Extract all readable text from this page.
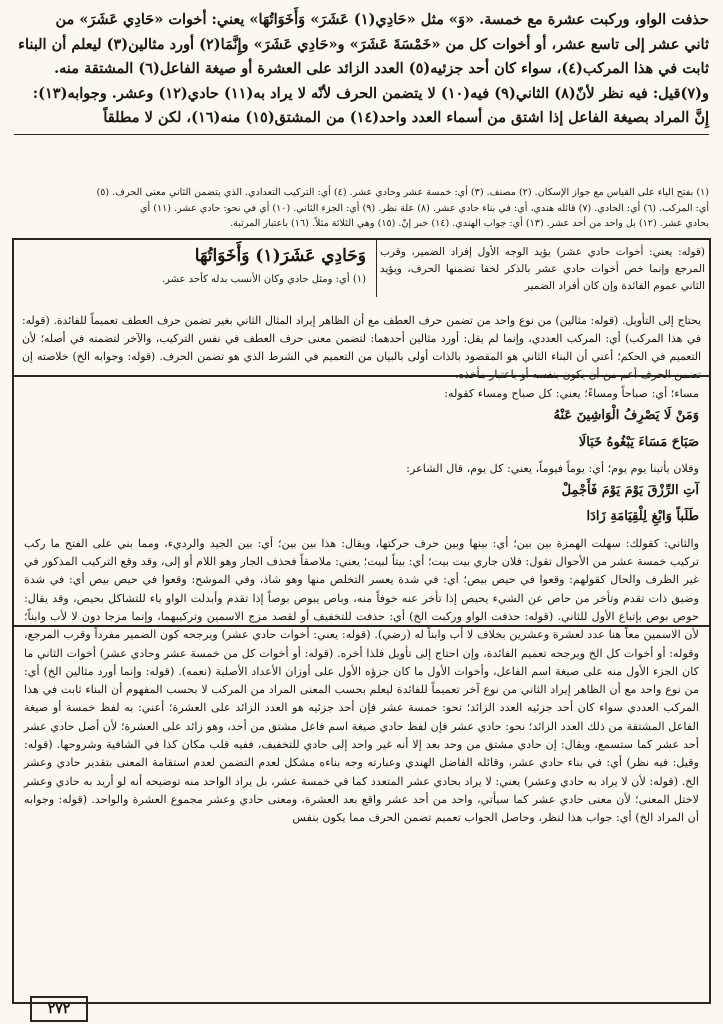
حذفت الواو، وركبت عشرة مع خمسة. «وَ» مثل «حَادِي(١) عَشَرَ» وَأَخَوَاتُهَا» يعني: أخوات «حَادِي عَشَرَ» من
ثاني عشر إلى تاسع عشر، أو أخوات كل من «خَمْسَةَ عَشَرَ» و«حَادِي عَشَرَ» وإِنَّمَا(٢) أورد مثالين(٣) ليعلم أن البناء
ثابت في هذا المركب(٤)، سواء كان أحد جزئيه(٥) العدد الزائد على العشرة أو صيغة الفاعل(٦) المشتقة منه.
و(٧)قيل: فيه نظر لأنّ(٨) الثاني(٩) فيه(١٠) لا يتضمن الحرف لأنّه لا يراد به(١١) حادي(١٢) وعشر. وجوابه(١٣):
إِنَّ المراد بصيغة الفاعل إذا اشتق من أسماء العدد واحد(١٤) من المشتق(١٥) منه(١٦)، لكن لا مطلقاً
(١) بفتح الياء على القياس مع جواز الإسكان. (٢) مصنف. (٣) أي: خمسة عشر وحادي عشر. (٤) أي: التركيب التعدادي. الذي يتضمن الثاني معنى الحرف. (٥)
أي: المركب. (٦) أي: الحادي. (٧) قائله هندي، أي: في بناء حادي عشر. (٨) علة نظر. (٩) أي: الجزء الثاني. (١٠) أي في نحو: حادي عشر. (١١) أي
بحادي عشر. (١٢) بل واحد من أحد عشر. (١٣) أي: جواب الهندي. (١٤) خبر إنّ. (١٥) وهي الثلاثة مثلاً. (١٦) باعتبار المرتبة.
وَحَادِي عَشَرَ(١) وَأَخَوَاتُهَا
(١) أي: ومثل حادي وكان الأنسب بدله كأحد عشر.
(قوله: يعني: أخوات حادي عشر) يؤيد الوجه الأول إفراد الضمير، وقرب المرجع وإنما خص أخوات حادي عشر بالذكر لخفا تضمنها الحرف، ويؤيد الثاني عموم الفائدة وإن كان أفراد الضمير
يحتاج إلى التأويل. (قوله: مثالين) من نوع واحد من تضمن حرف العطف مع أن الظاهر إيراد المثال الثاني بغير تضمن حرف العطف تعميماً للفائدة. (قوله: في هذا المركب) أي: المركب العددي، وإنما لم يقل: أورد مثالين أحدهما: لتضمن معنى حرف العطف في نفس التركيب، والآخر لتضمنه في أصله؛ لأن التعميم في الحكم؛ أعني أن البناء الثاني هو المقصود بالذات أولى بالبيان من التعميم في الشرط الذي هو تضمن الحرف. (قوله: وجوابه الخ) خلاصته إن تضمن الحرف أعم من أن يكون بنفسه أو باعتبار مأخذه.
مساء؛ أي: صباحاً ومساءً؛ يعني: كل صباح ومساء كقوله:
وَمَنْ لَا يَصْرِفُ الْوَاشِينَ عَنْهُ
صَبَاحَ مَسَاءَ يَبْغُوهُ خَبَالَا
وفلان يأتينا يوم يوم؛ أي: يوماً فيوماً، يعني: كل يوم، قال الشاعر:
آتِ الرِّزْقَ يَوْمَ يَوْمَ فَأَجْمِلْ
طَلَباً وَابْغِ لِلْقِيَامَةِ زَادَا
والثاني: كقولك: سهلت الهمزة بين بين؛ أي: بينها وبين حرف حركتها، ويقال: هذا بين بين؛ أي: بين الجيد والرديء، ومما بني على الفتح ما ركب تركيب خمسة عشر من الأحوال تقول: فلان جاري بيت بيت؛ أي: بيتاً لبيت؛ يعني: ملاصقاً فحذف الجار وهو اللام أو إلى، وقد وقع التركيب المذكور في غير الظرف والحال كقولهم: وقعوا في حيص بيص؛ أي: في شدة يعسر التخلص منها وهو شاذ، وفي الموشح: وقعوا في حيص بيص أي: في شدة وضيق ذات تقدم وتأخر من حاص عن الشيء يحيص إذا تأخر عنه خوفاً منه، وباص يبوص بوصاً إذا تقدم وأبدلت الواو ياء للتشاكل بحيص، وقد يقال: حوص بوص بإتباع الأول للثاني. (قوله: حذفت الواو وركبت الخ) أي: حذفت للتخفيف أو لقصد مزج الاسمين وتركيبهما، وإنما مزجا دون لا لأب وابناً؛ لأن الاسمين معاً هنا عدد لعشرة وعشرين بخلاف لا أب وابناً له (رضي). (قوله: يعني: أخوات حادي عشر) ويرجحه كون الضمير مفرداً وقرب المرجع، وقوله: أو أخوات كل الخ ويرجحه تعميم الفائدة، وإن احتاج إلى تأويل فلذا أخره. (قوله: أو أخوات كل من خمسة عشر وحادي عشر) أخوات الثاني ما كان الجزء الأول منه على صيغة اسم الفاعل، وأخوات الأول ما كان جزؤه الأول على أوزان الأعداد الأصلية (نعمه). (قوله: وإنما أورد مثالين الخ) أي: من نوع واحد مع أن الظاهر إيراد الثاني من نوع آخر تعميماً للفائدة ليعلم بحسب المعنى المراد من المركب لا بحسب المفهوم أن البناء ثابت في هذا المركب العددي سواء كان أحد جزئيه العدد الزائد؛ نحو: خمسة عشر فإن أحد جزئيه هو العدد الزائد على العشرة؛ أعني: به لفظ خمسة أو صيغة الفاعل المشتقة من ذلك العدد الزائد؛ نحو: حادي عشر فإن لفظ حادي صيغة اسم فاعل مشتق من أحد، وهو زائد على العشرة؛ لأن أصل حادي عشر أحد عشر كما ستسمع، ويقال: إن حادي مشتق من وحد بعد إلا أنه غير واحد إلى حادي للتخفيف، ففيه قلب مكان كذا في الشافية وشروحها. (قوله: وقيل: فيه نظر) أي: في بناء حادي عشر، وقائله الفاضل الهندي وعبارته وجه بناءه مشكل لعدم التضمن لعدم استقامة المعنى بتقدير حادي وعشر الخ. (قوله: لأن لا يراد به حادي وعشر) يعني: لا يراد بحادي عشر المتعدد كما في خمسة عشر، بل يراد الواحد منه توضيحه أنه لو أريد به حادي وعشر لاختل المعنى؛ لأن معنى حادي عشر كما سيأتي، واحد من أحد عشر واقع بعد العشرة، ومعنى حادي وعشر مجموع العشرة والواحد. (قوله: وجوابه أن المراد الخ) أي: جواب هذا لنظر، وحاصل الجواب تعميم تضمن الحرف مما يكون بنفس
٢٧٢
